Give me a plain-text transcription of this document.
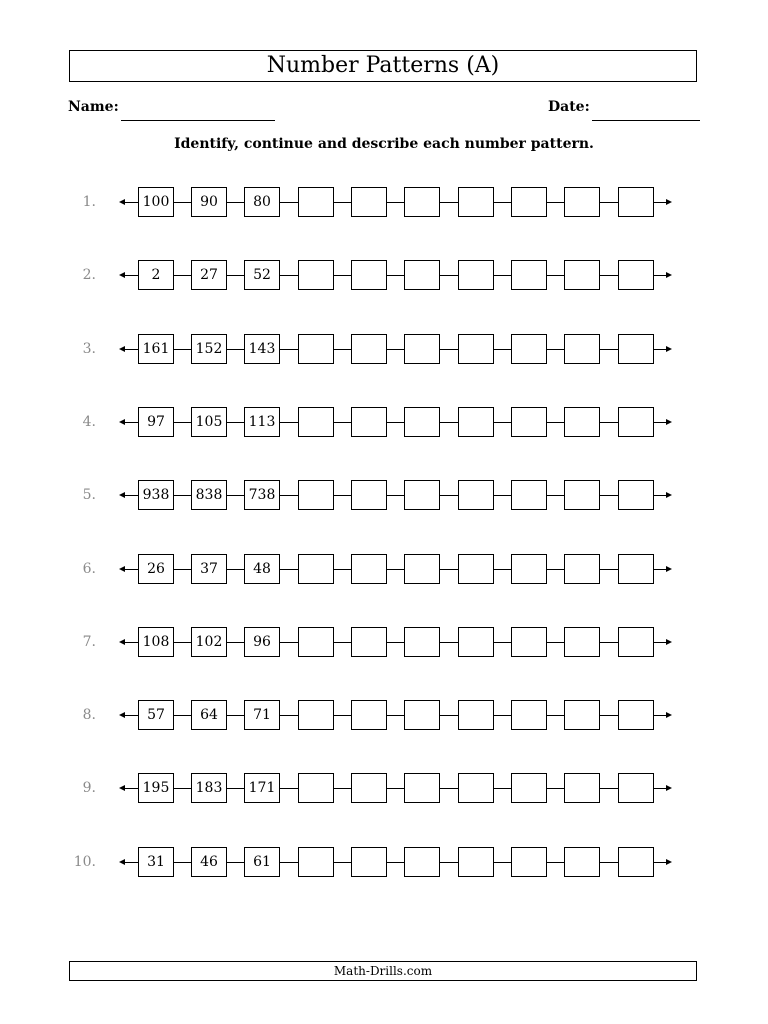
Number Patterns (A)
Name:	Date:
Identify, continue and describe each number pattern.
1.	100	90	80
2.	2	27	52
3.	161	152	143
4.	97	105	113
5.	938	838	738
6.	26	37	48
7.	108	102	96
8.	57	64	71
9.	195	183	171
10.	31	46	61
Math-Drills.com
